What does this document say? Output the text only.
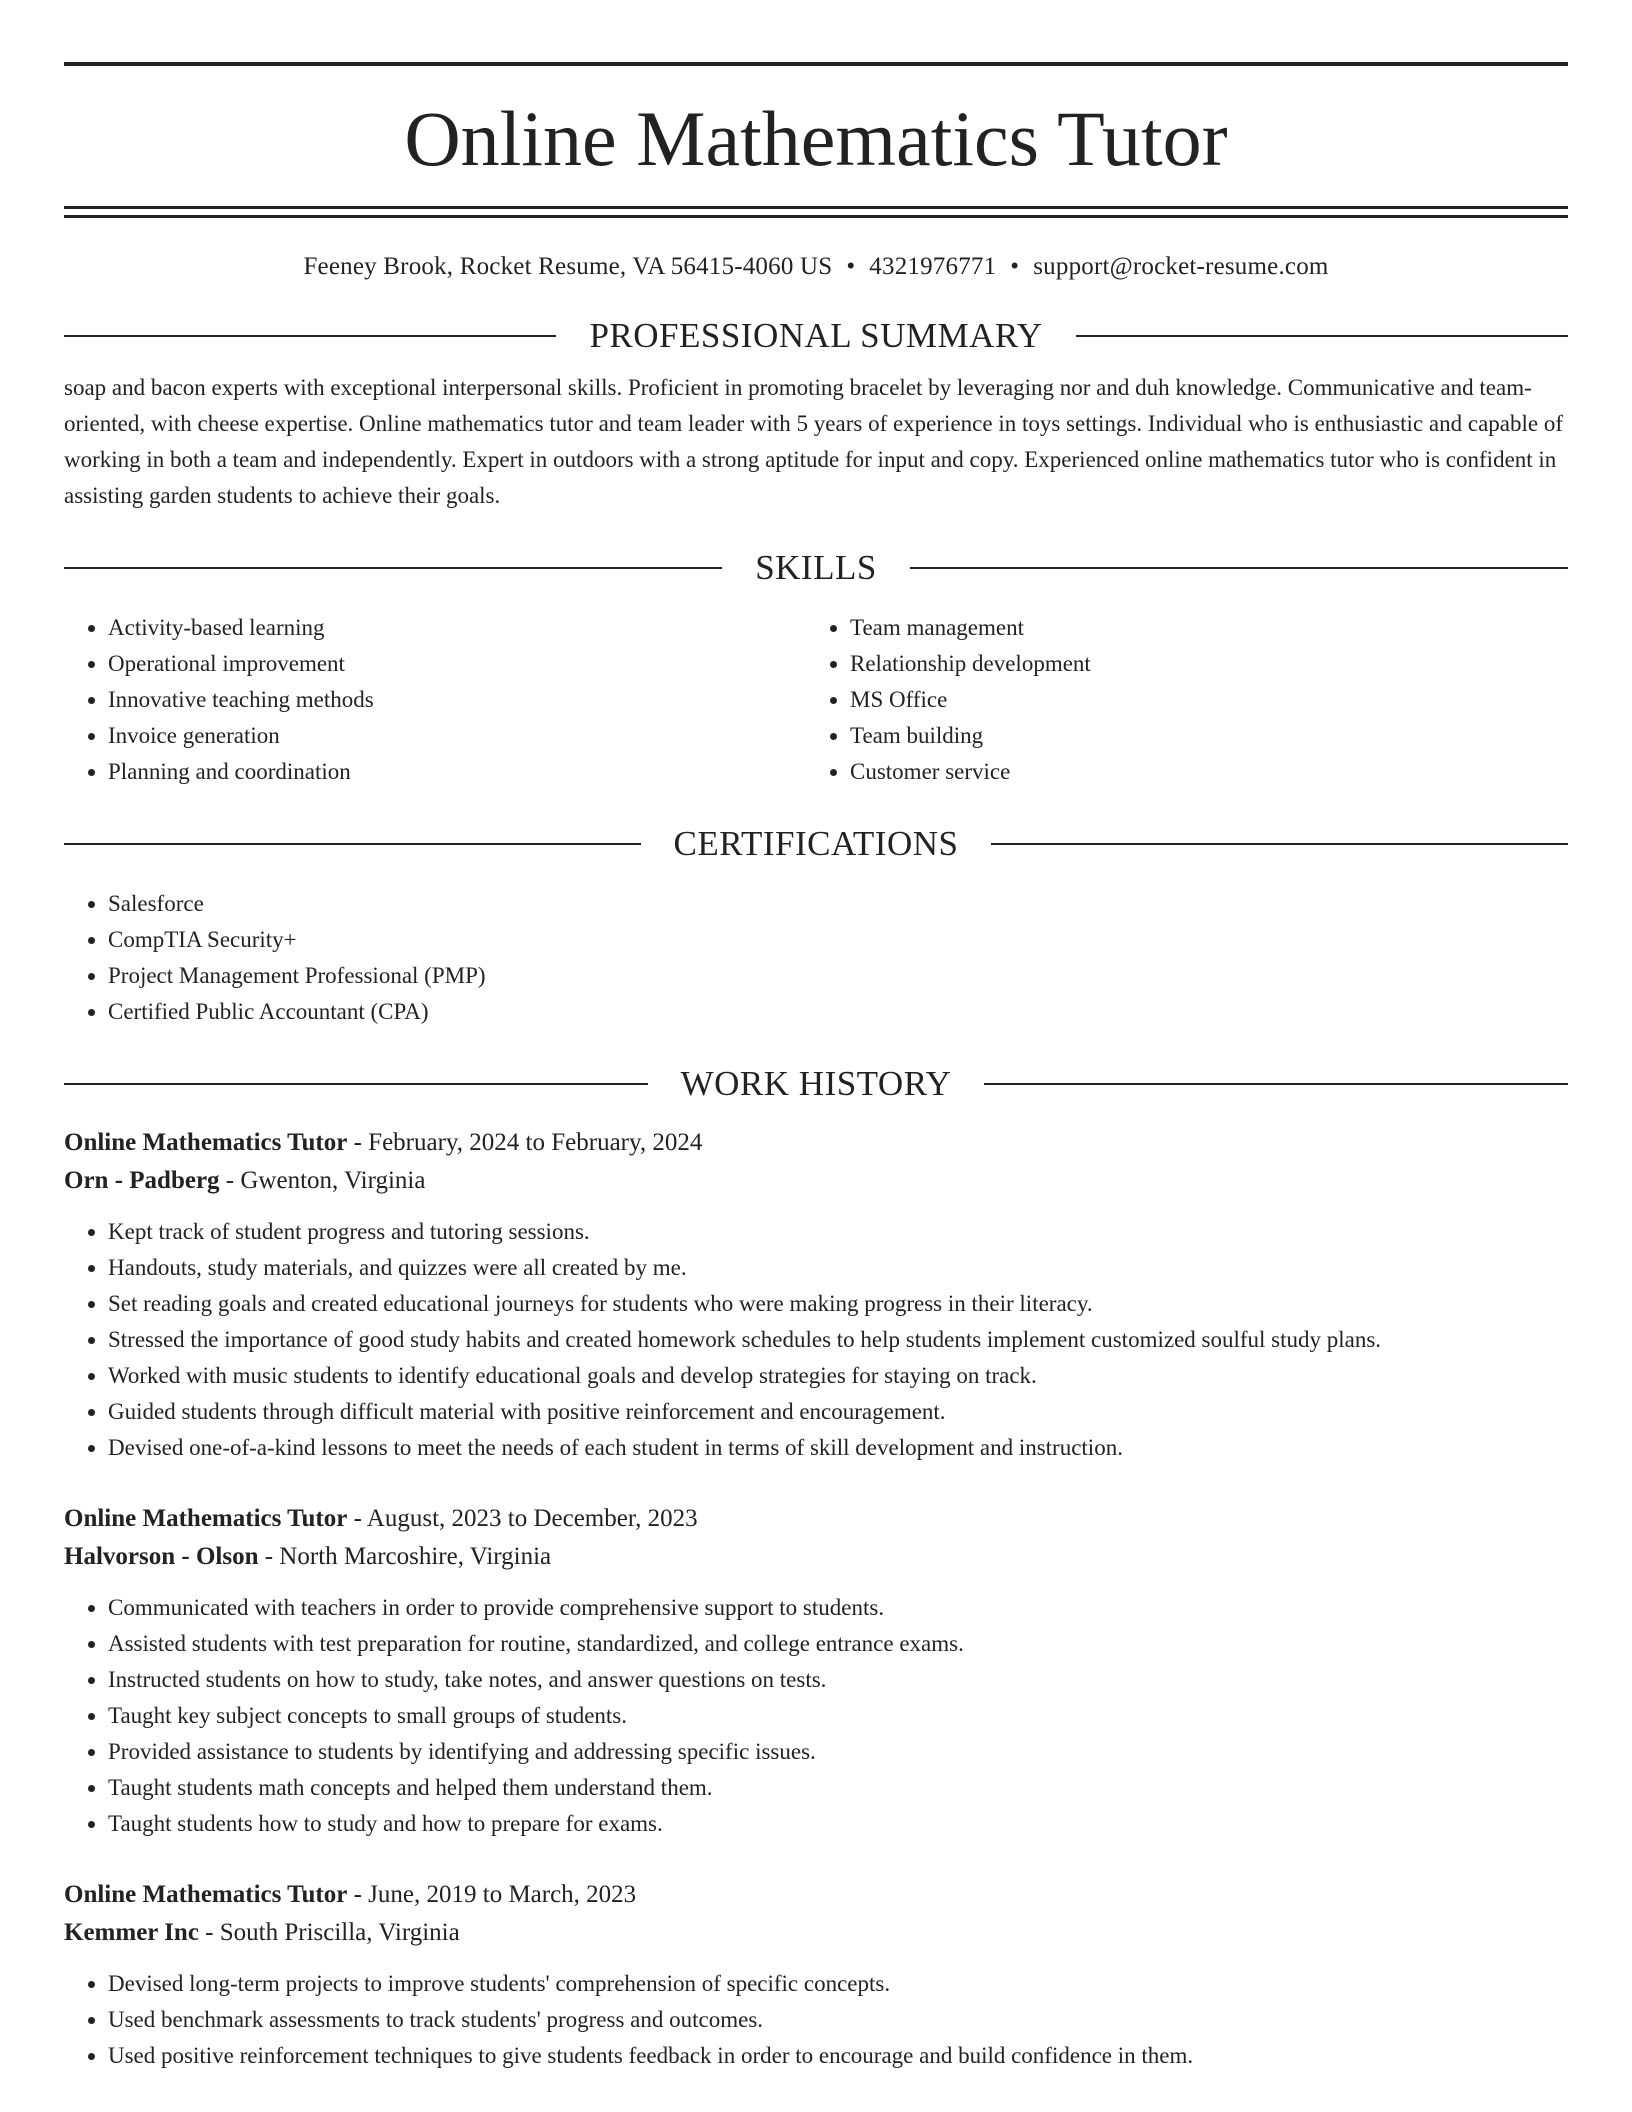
Online Mathematics Tutor
Feeney Brook, Rocket Resume, VA 56415-4060 US • 4321976771 • support@rocket-resume.com
PROFESSIONAL SUMMARY
soap and bacon experts with exceptional interpersonal skills. Proficient in promoting bracelet by leveraging nor and duh knowledge. Communicative and team-oriented, with cheese expertise. Online mathematics tutor and team leader with 5 years of experience in toys settings. Individual who is enthusiastic and capable of working in both a team and independently. Expert in outdoors with a strong aptitude for input and copy. Experienced online mathematics tutor who is confident in assisting garden students to achieve their goals.
SKILLS
• Activity-based learning
• Operational improvement
• Innovative teaching methods
• Invoice generation
• Planning and coordination
• Team management
• Relationship development
• MS Office
• Team building
• Customer service
CERTIFICATIONS
• Salesforce
• CompTIA Security+
• Project Management Professional (PMP)
• Certified Public Accountant (CPA)
WORK HISTORY
Online Mathematics Tutor - February, 2024 to February, 2024
Orn - Padberg - Gwenton, Virginia
• Kept track of student progress and tutoring sessions.
• Handouts, study materials, and quizzes were all created by me.
• Set reading goals and created educational journeys for students who were making progress in their literacy.
• Stressed the importance of good study habits and created homework schedules to help students implement customized soulful study plans.
• Worked with music students to identify educational goals and develop strategies for staying on track.
• Guided students through difficult material with positive reinforcement and encouragement.
• Devised one-of-a-kind lessons to meet the needs of each student in terms of skill development and instruction.
Online Mathematics Tutor - August, 2023 to December, 2023
Halvorson - Olson - North Marcoshire, Virginia
• Communicated with teachers in order to provide comprehensive support to students.
• Assisted students with test preparation for routine, standardized, and college entrance exams.
• Instructed students on how to study, take notes, and answer questions on tests.
• Taught key subject concepts to small groups of students.
• Provided assistance to students by identifying and addressing specific issues.
• Taught students math concepts and helped them understand them.
• Taught students how to study and how to prepare for exams.
Online Mathematics Tutor - June, 2019 to March, 2023
Kemmer Inc - South Priscilla, Virginia
• Devised long-term projects to improve students' comprehension of specific concepts.
• Used benchmark assessments to track students' progress and outcomes.
• Used positive reinforcement techniques to give students feedback in order to encourage and build confidence in them.
